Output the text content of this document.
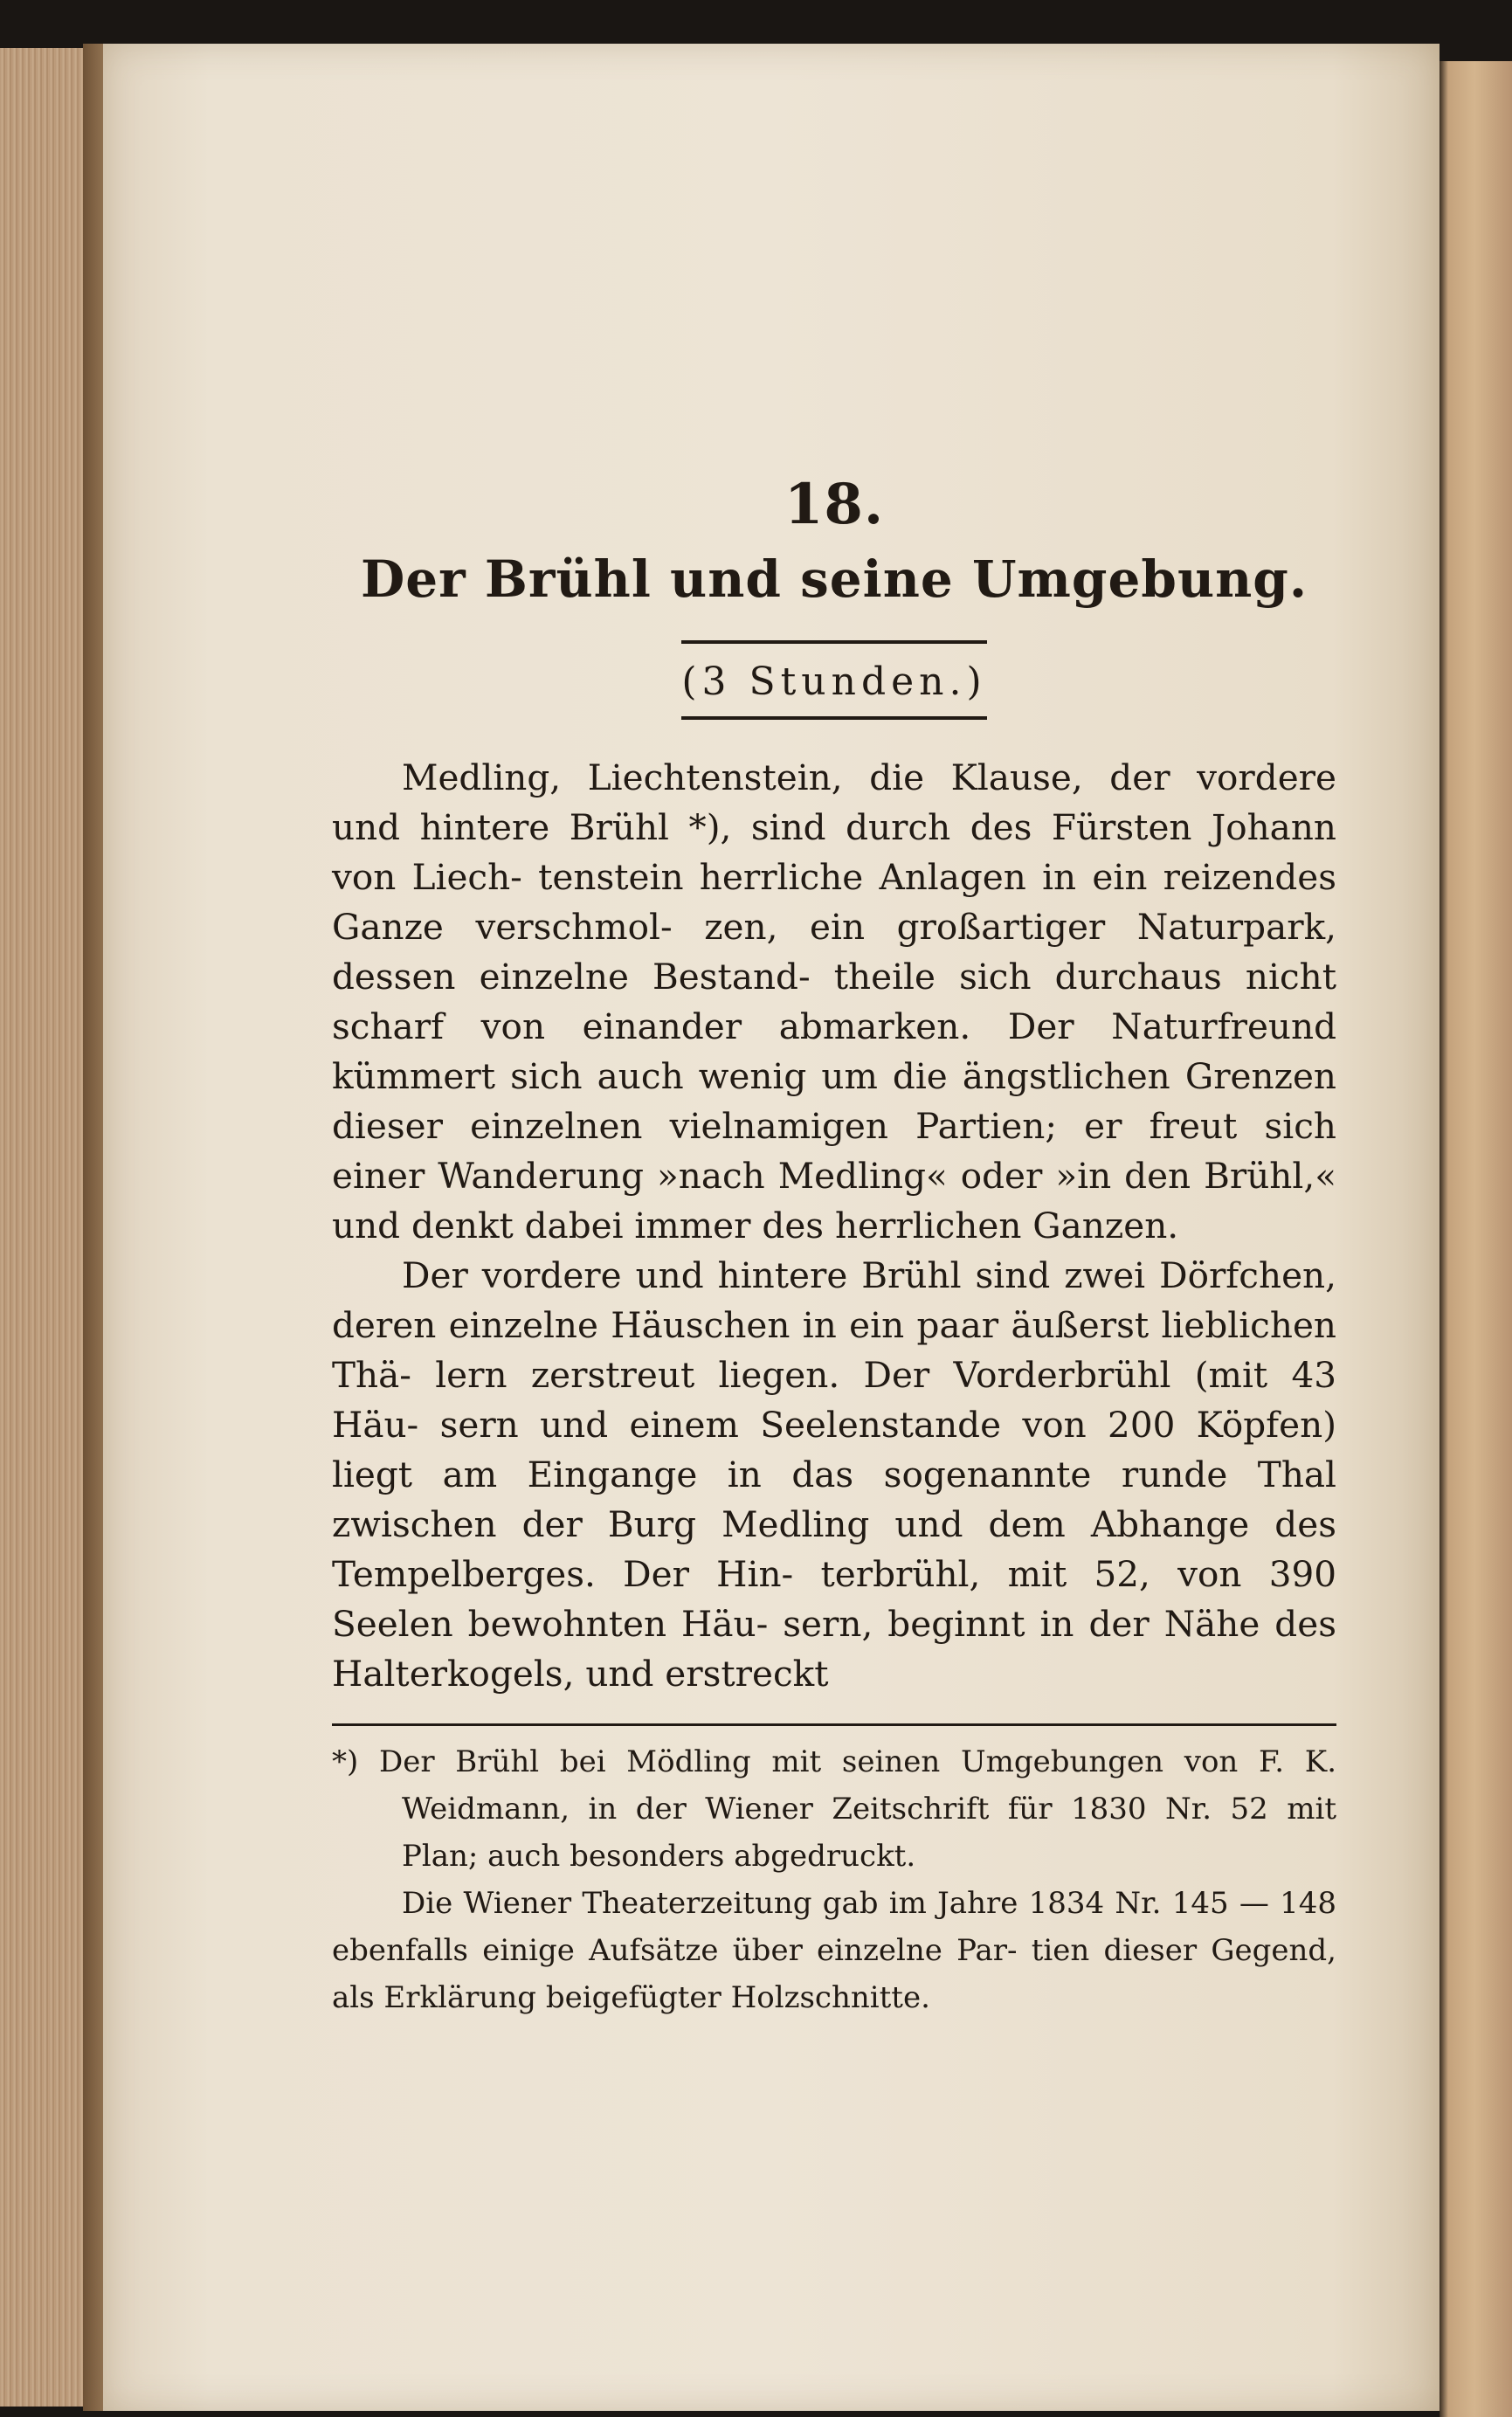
18.
Der Brühl und seine Umgebung.
(3 Stunden.)

Medling, Liechtenstein, die Klause, der vordere und hintere Brühl *), sind durch des Fürsten Johann von Liech- tenstein herrliche Anlagen in ein reizendes Ganze verschmol- zen, ein großartiger Naturpark, dessen einzelne Bestand- theile sich durchaus nicht scharf von einander abmarken. Der Naturfreund kümmert sich auch wenig um die ängstlichen Grenzen dieser einzelnen vielnamigen Partien; er freut sich einer Wanderung »nach Medling« oder »in den Brühl,« und denkt dabei immer des herrlichen Ganzen.

Der vordere und hintere Brühl sind zwei Dörfchen, deren einzelne Häuschen in ein paar äußerst lieblichen Thä- lern zerstreut liegen. Der Vorderbrühl (mit 43 Häu- sern und einem Seelenstande von 200 Köpfen) liegt am Eingange in das sogenannte runde Thal zwischen der Burg Medling und dem Abhange des Tempelberges. Der Hin- terbrühl, mit 52, von 390 Seelen bewohnten Häu- sern, beginnt in der Nähe des Halterkogels, und erstreckt

*) Der Brühl bei Mödling mit seinen Umgebungen von F. K. Weidmann, in der Wiener Zeitschrift für 1830 Nr. 52 mit Plan; auch besonders abgedruckt.

Die Wiener Theaterzeitung gab im Jahre 1834 Nr. 145 — 148 ebenfalls einige Aufsätze über einzelne Par- tien dieser Gegend, als Erklärung beigefügter Holzschnitte.
